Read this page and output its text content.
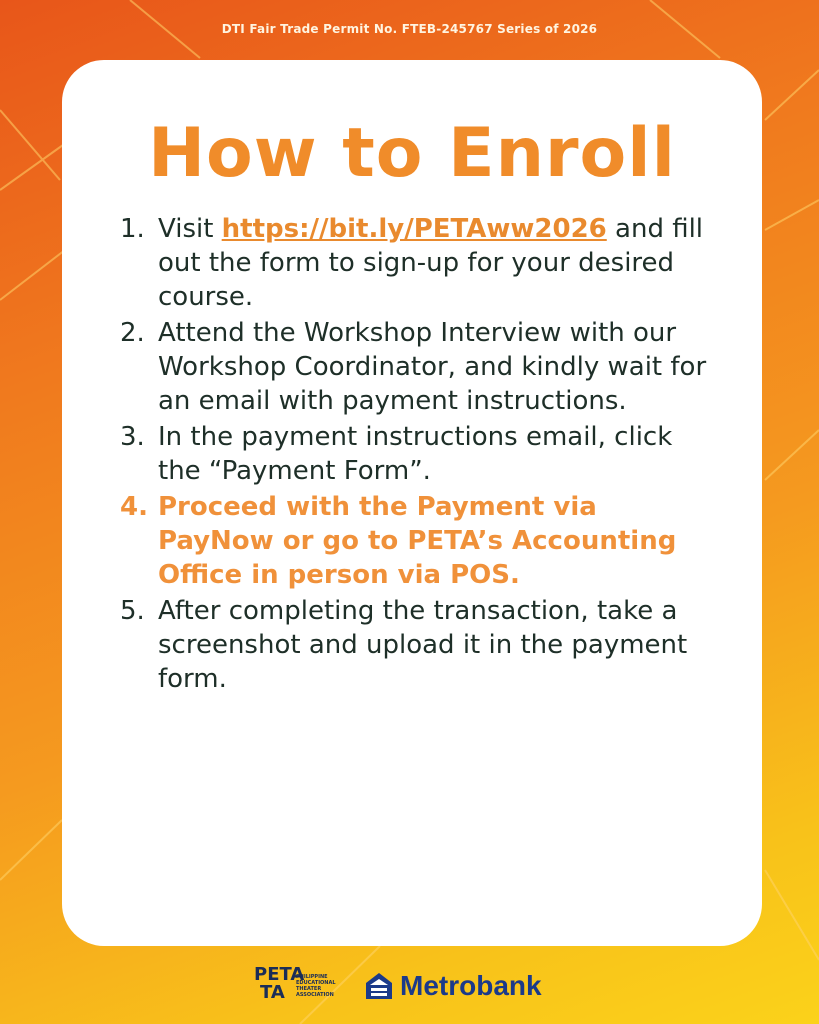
DTI Fair Trade Permit No. FTEB-245767 Series of 2026
How to Enroll
1. Visit https://bit.ly/PETAww2026 and fill out the form to sign-up for your desired course.
2. Attend the Workshop Interview with our Workshop Coordinator, and kindly wait for an email with payment instructions.
3. In the payment instructions email, click the “Payment Form”.
4. Proceed with the Payment via PayNow or go to PETA’s Accounting Office in person via POS.
5. After completing the transaction, take a screenshot and upload it in the payment form.
PETA
TA
PHILIPPINE
EDUCATIONAL
THEATER
ASSOCIATION Metrobank
